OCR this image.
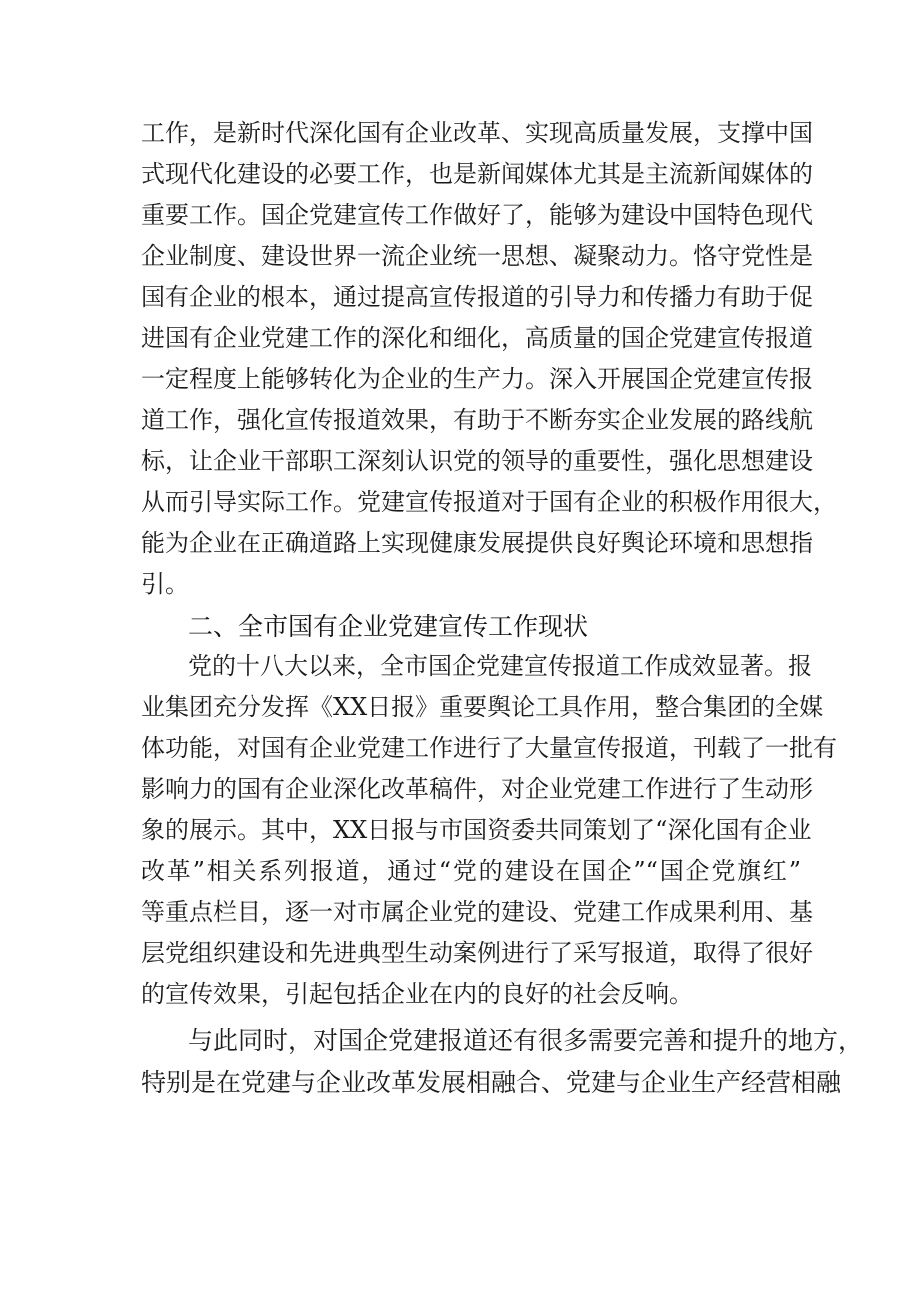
工作，是新时代深化国有企业改革、实现高质量发展，支撑中国
式现代化建设的必要工作，也是新闻媒体尤其是主流新闻媒体的
重要工作。国企党建宣传工作做好了，能够为建设中国特色现代
企业制度、建设世界一流企业统一思想、凝聚动力。恪守党性是
国有企业的根本，通过提高宣传报道的引导力和传播力有助于促
进国有企业党建工作的深化和细化，高质量的国企党建宣传报道
一定程度上能够转化为企业的生产力。深入开展国企党建宣传报
道工作，强化宣传报道效果，有助于不断夯实企业发展的路线航
标，让企业干部职工深刻认识党的领导的重要性，强化思想建设
从而引导实际工作。党建宣传报道对于国有企业的积极作用很大，
能为企业在正确道路上实现健康发展提供良好舆论环境和思想指
引。
二、全市国有企业党建宣传工作现状
党的十八大以来，全市国企党建宣传报道工作成效显著。报
业集团充分发挥《XX日报》重要舆论工具作用，整合集团的全媒
体功能，对国有企业党建工作进行了大量宣传报道，刊载了一批有
影响力的国有企业深化改革稿件，对企业党建工作进行了生动形
象的展示。其中，XX日报与市国资委共同策划了“深化国有企业
改革”相关系列报道，通过“党的建设在国企”“国企党旗红”
等重点栏目，逐一对市属企业党的建设、党建工作成果利用、基
层党组织建设和先进典型生动案例进行了采写报道，取得了很好
的宣传效果，引起包括企业在内的良好的社会反响。
与此同时，对国企党建报道还有很多需要完善和提升的地方，
特别是在党建与企业改革发展相融合、党建与企业生产经营相融
